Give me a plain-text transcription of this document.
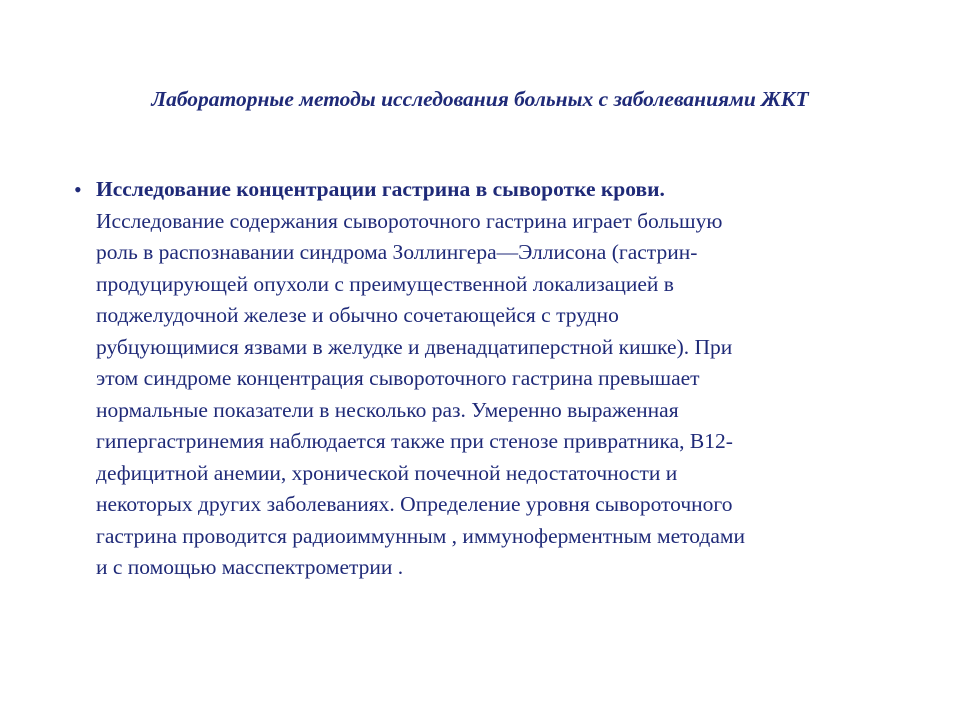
Лабораторные методы исследования больных с заболеваниями ЖКТ
• Исследование концентрации гастрина в сыворотке крови.
Исследование содержания сывороточного гастрина играет большую
роль в распознавании синдрома Золлингера—Эллисона (гастрин-
продуцирующей опухоли с преимущественной локализацией в
поджелудочной железе и обычно сочетающейся с трудно
рубцующимися язвами в желудке и двенадцатиперстной кишке). При
этом синдроме концентрация сывороточного гастрина превышает
нормальные показатели в несколько раз. Умеренно выраженная
гипергастринемия наблюдается также при стенозе привратника, В12-
дефицитной анемии, хронической почечной недостаточности и
некоторых других заболеваниях. Определение уровня сывороточного
гастрина проводится радиоиммунным , иммуноферментным методами
и с помощью масспектрометрии .
